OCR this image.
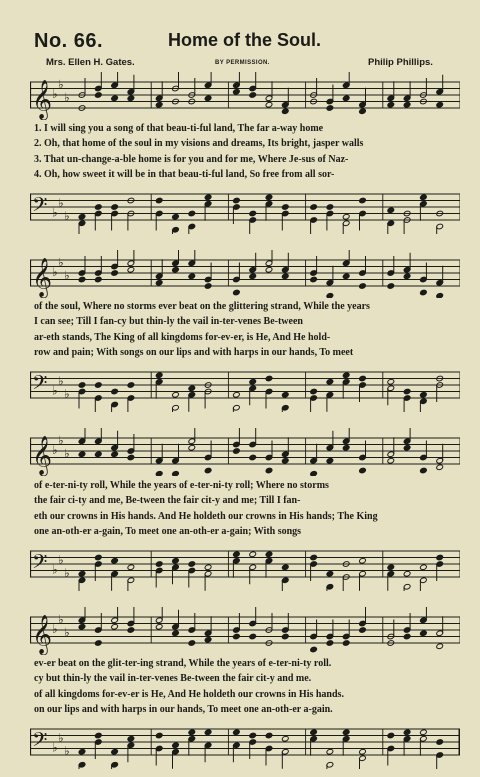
No. 66.	Home of the Soul.
Mrs. Ellen H. Gates.	BY PERMISSION.	Philip Phillips.
𝄞 ♭
♭
♭
1. I will sing you a song of that beau-ti-ful land, The far a-way home
2. Oh, that home of the soul in my visions and dreams, Its bright, jasper walls
3. That un-change-a-ble home is for you and for me, Where Je-sus of Naz-
4. Oh, how sweet it will be in that beau-ti-ful land, So free from all sor-
𝄢 ♭
♭
♭
𝄞 ♭
♭
♭
of the soul, Where no storms ever beat on the glittering strand, While the years
I can see; Till I fan-cy but thin-ly the vail in-ter-venes Be-tween
ar-eth stands, The King of all kingdoms for-ev-er, is He, And He hold-
row and pain; With songs on our lips and with harps in our hands, To meet
𝄢 ♭
♭
♭
𝄞 ♭
♭
♭
of e-ter-ni-ty roll, While the years of e-ter-ni-ty roll; Where no storms
the fair ci-ty and me, Be-tween the fair cit-y and me; Till I fan-
eth our crowns in His hands. And He holdeth our crowns in His hands; The King
one an-oth-er a-gain, To meet one an-oth-er a-gain; With songs
𝄢 ♭
♭
♭
𝄞 ♭
♭
♭
ev-er beat on the glit-ter-ing strand, While the years of e-ter-ni-ty roll.
cy but thin-ly the vail in-ter-venes Be-tween the fair cit-y and me.
of all kingdoms for-ev-er is He, And He holdeth our crowns in His hands.
on our lips and with harps in our hands, To meet one an-oth-er a-gain.
𝄢 ♭
♭
♭
